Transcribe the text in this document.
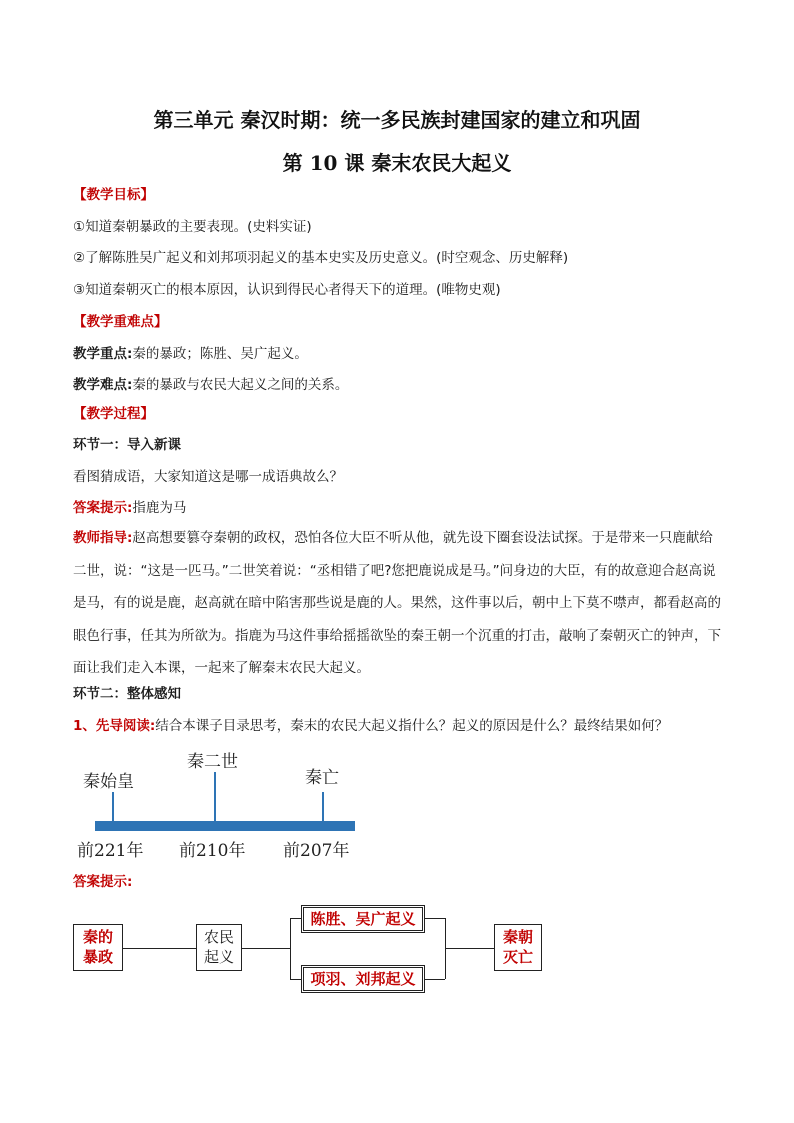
第三单元 秦汉时期：统一多民族封建国家的建立和巩固
第 10 课 秦末农民大起义
【教学目标】
①知道秦朝暴政的主要表现。(史料实证)
②了解陈胜吴广起义和刘邦项羽起义的基本史实及历史意义。(时空观念、历史解释)
③知道秦朝灭亡的根本原因，认识到得民心者得天下的道理。(唯物史观)
【教学重难点】
教学重点:秦的暴政；陈胜、吴广起义。
教学难点:秦的暴政与农民大起义之间的关系。
【教学过程】
环节一：导入新课
看图猜成语，大家知道这是哪一成语典故么？
答案提示:指鹿为马
教师指导:赵高想要篡夺秦朝的政权，恐怕各位大臣不听从他，就先设下圈套设法试探。于是带来一只鹿献给二世，说：“这是一匹马。”二世笑着说：“丞相错了吧?您把鹿说成是马。”问身边的大臣，有的故意迎合赵高说是马，有的说是鹿，赵高就在暗中陷害那些说是鹿的人。果然，这件事以后，朝中上下莫不噤声，都看赵高的眼色行事，任其为所欲为。指鹿为马这件事给摇摇欲坠的秦王朝一个沉重的打击，敲响了秦朝灭亡的钟声，下面让我们走入本课，一起来了解秦末农民大起义。
环节二：整体感知
1、先导阅读:结合本课子目录思考，秦末的农民大起义指什么？起义的原因是什么？最终结果如何？
秦始皇
秦二世
秦亡
前221年 前210年 前207年
答案提示:
秦的
暴政
农民
起义
陈胜、吴广起义
项羽、刘邦起义
秦朝
灭亡
